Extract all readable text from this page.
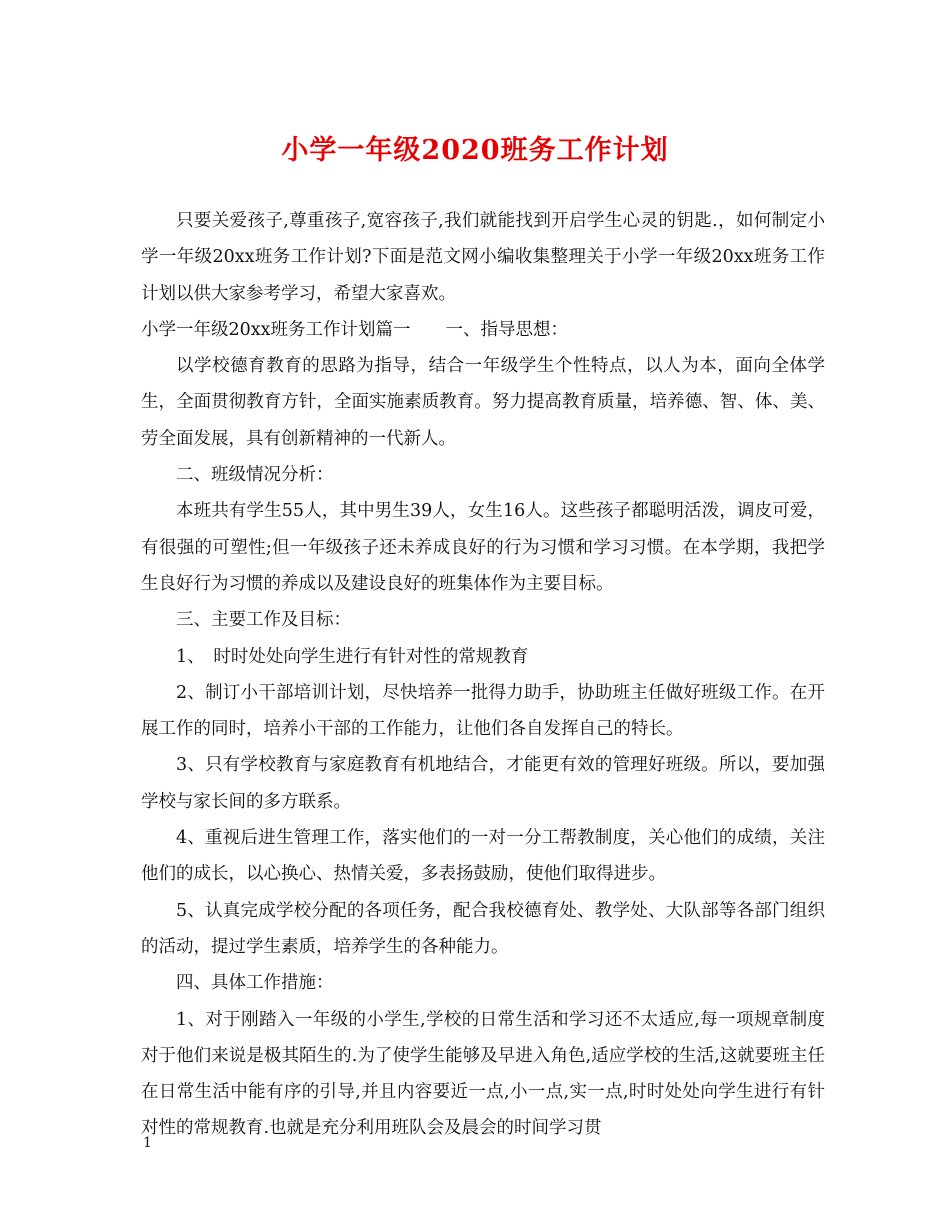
小学一年级2020班务工作计划

只要关爱孩子,尊重孩子,宽容孩子,我们就能找到开启学生心灵的钥匙.，如何制定小学一年级20xx班务工作计划?下面是范文网小编收集整理关于小学一年级20xx班务工作计划以供大家参考学习，希望大家喜欢。

小学一年级20xx班务工作计划篇一　　一、指导思想：

以学校德育教育的思路为指导，结合一年级学生个性特点，以人为本，面向全体学生，全面贯彻教育方针，全面实施素质教育。努力提高教育质量，培养德、智、体、美、劳全面发展，具有创新精神的一代新人。

二、班级情况分析：

本班共有学生55人，其中男生39人，女生16人。这些孩子都聪明活泼，调皮可爱，有很强的可塑性;但一年级孩子还未养成良好的行为习惯和学习习惯。在本学期，我把学生良好行为习惯的养成以及建设良好的班集体作为主要目标。

三、主要工作及目标：

1、　时时处处向学生进行有针对性的常规教育

2、制订小干部培训计划，尽快培养一批得力助手，协助班主任做好班级工作。在开展工作的同时，培养小干部的工作能力，让他们各自发挥自己的特长。

3、只有学校教育与家庭教育有机地结合，才能更有效的管理好班级。所以，要加强学校与家长间的多方联系。

4、重视后进生管理工作，落实他们的一对一分工帮教制度，关心他们的成绩，关注他们的成长，以心换心、热情关爱，多表扬鼓励，使他们取得进步。

5、认真完成学校分配的各项任务，配合我校德育处、教学处、大队部等各部门组织的活动，提过学生素质，培养学生的各种能力。

四、具体工作措施：

1、对于刚踏入一年级的小学生,学校的日常生活和学习还不太适应,每一项规章制度对于他们来说是极其陌生的.为了使学生能够及早进入角色,适应学校的生活,这就要班主任在日常生活中能有序的引导,并且内容要近一点,小一点,实一点,时时处处向学生进行有针对性的常规教育.也就是充分利用班队会及晨会的时间学习贯

1
